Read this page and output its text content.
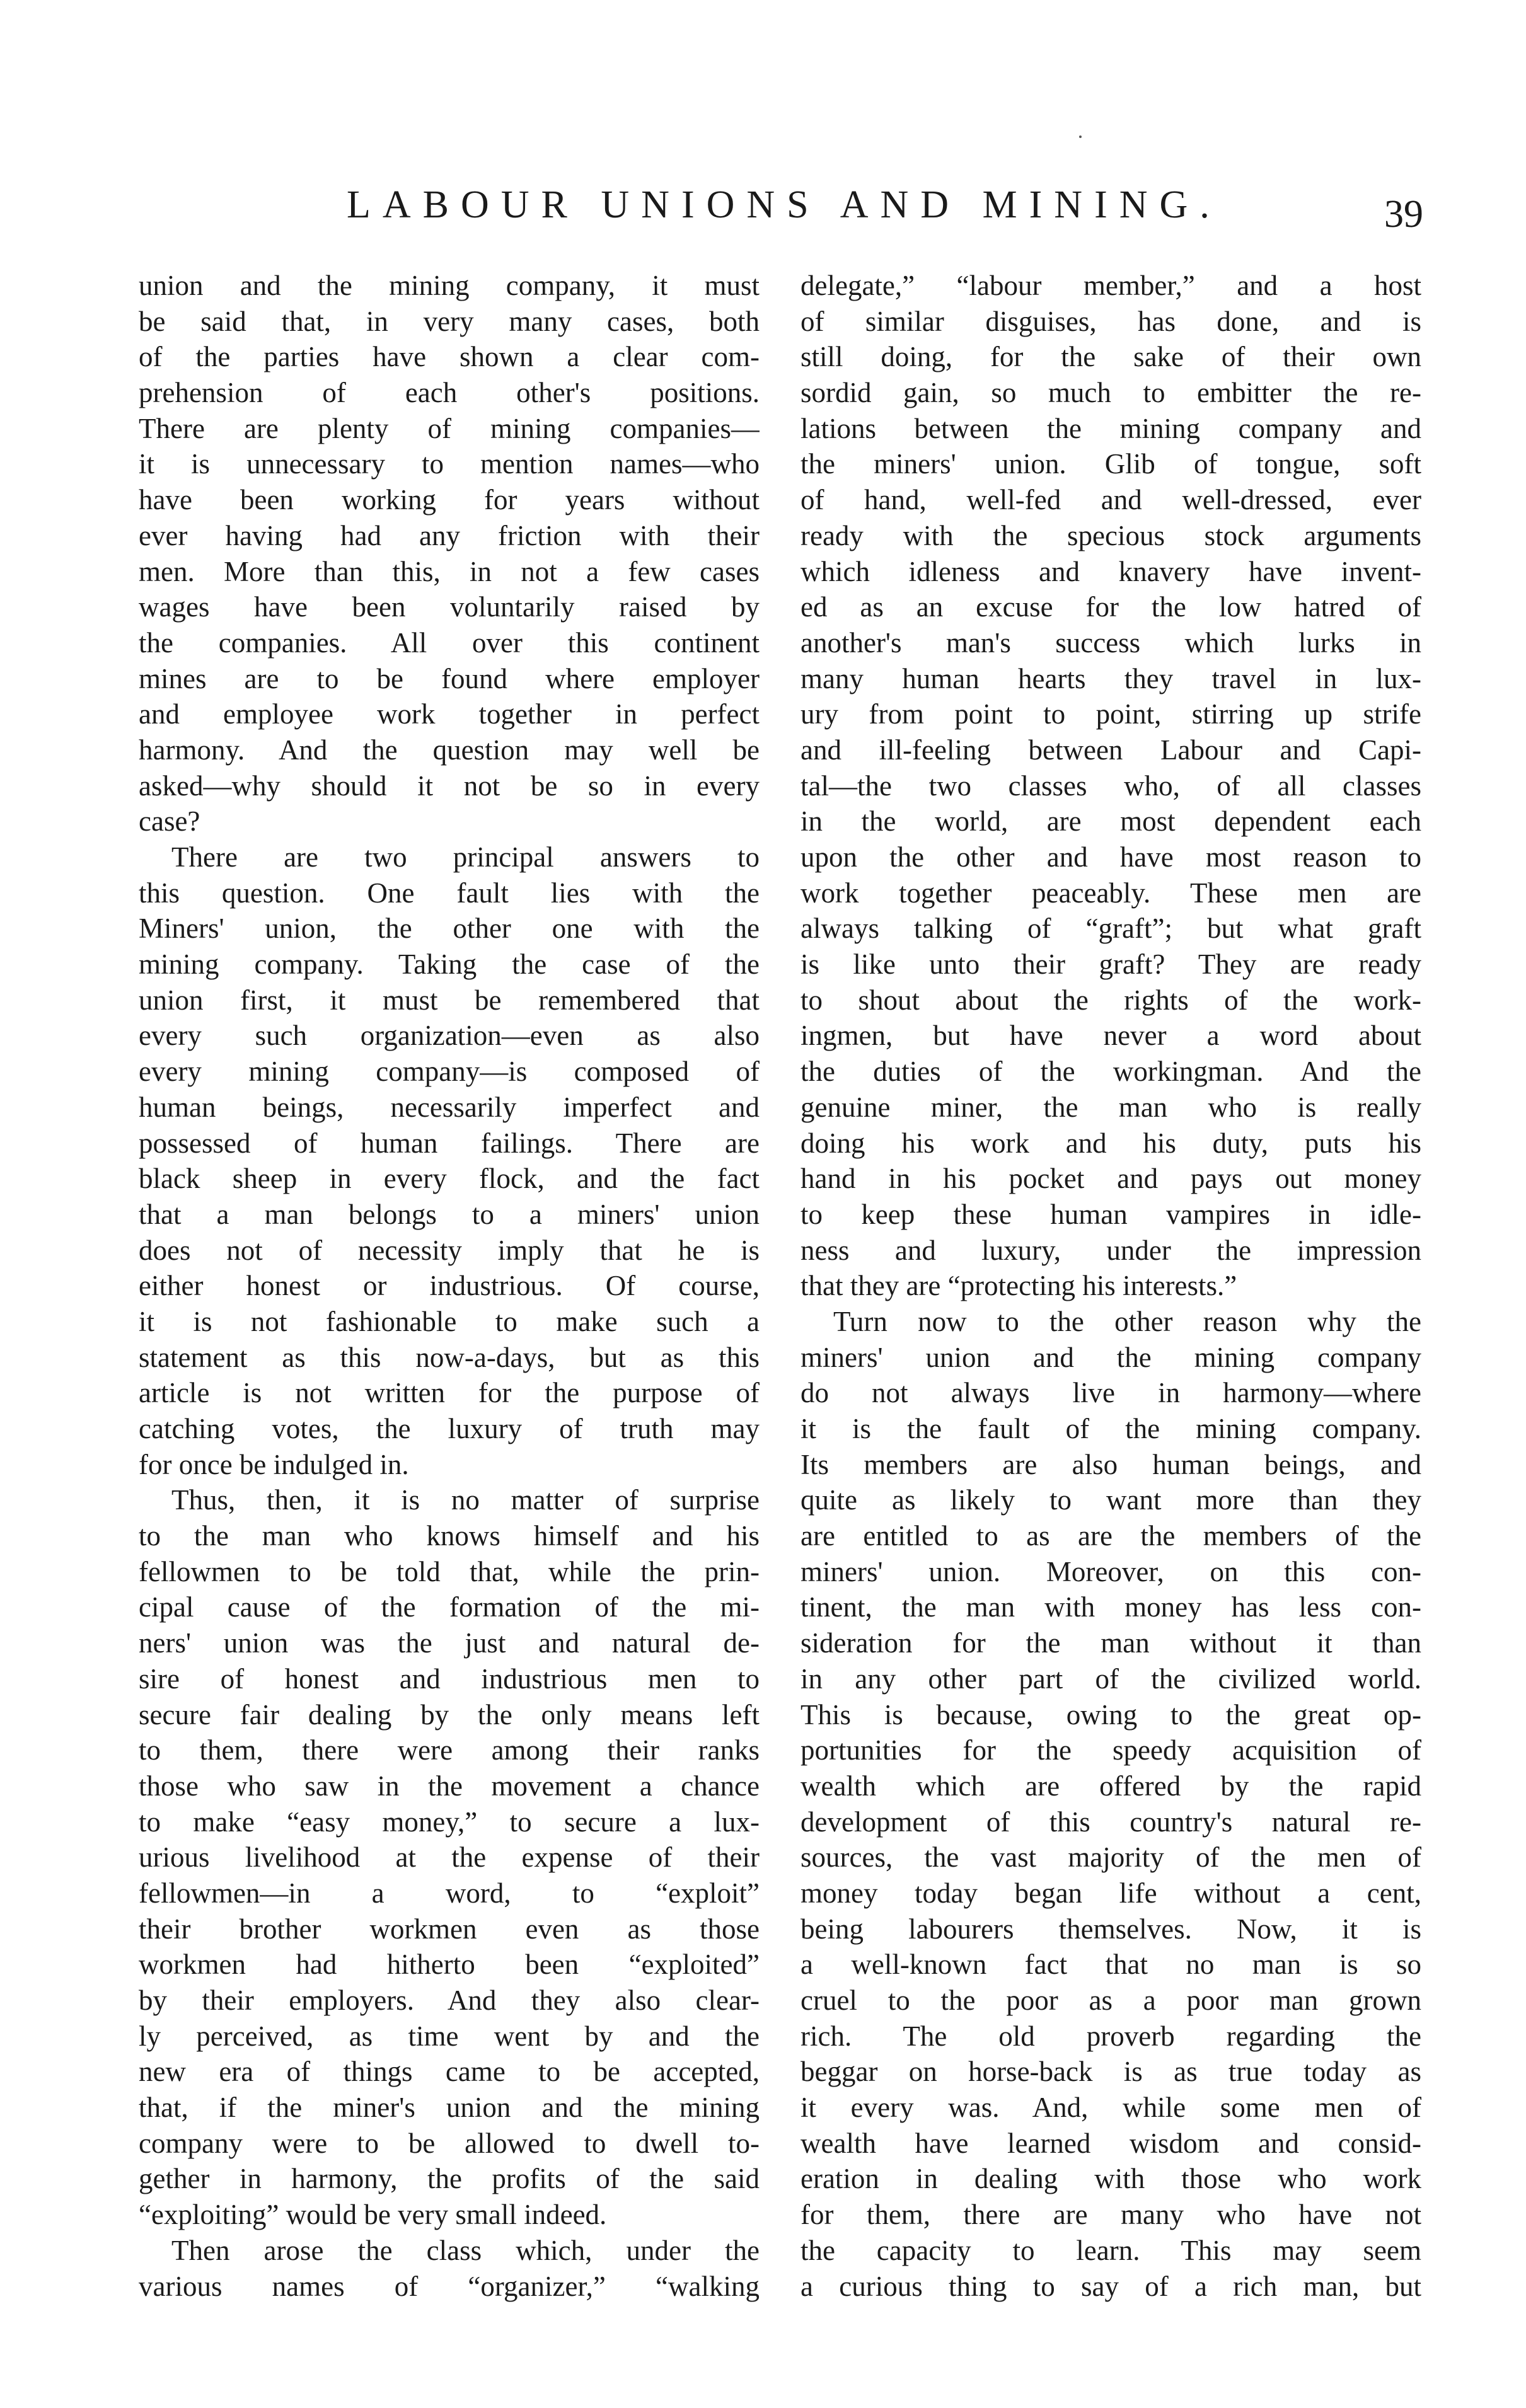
LABOUR UNIONS AND MINING.	39
union and the mining company, it must
be said that, in very many cases, both
of the parties have shown a clear com-
prehension of each other's positions.
There are plenty of mining companies—
it is unnecessary to mention names—who
have been working for years without
ever having had any friction with their
men. More than this, in not a few cases
wages have been voluntarily raised by
the companies. All over this continent
mines are to be found where employer
and employee work together in perfect
harmony. And the question may well be
asked—why should it not be so in every
case?
There are two principal answers to
this question. One fault lies with the
Miners' union, the other one with the
mining company. Taking the case of the
union first, it must be remembered that
every such organization—even as also
every mining company—is composed of
human beings, necessarily imperfect and
possessed of human failings. There are
black sheep in every flock, and the fact
that a man belongs to a miners' union
does not of necessity imply that he is
either honest or industrious. Of course,
it is not fashionable to make such a
statement as this now-a-days, but as this
article is not written for the purpose of
catching votes, the luxury of truth may
for once be indulged in.
Thus, then, it is no matter of surprise
to the man who knows himself and his
fellowmen to be told that, while the prin-
cipal cause of the formation of the mi-
ners' union was the just and natural de-
sire of honest and industrious men to
secure fair dealing by the only means left
to them, there were among their ranks
those who saw in the movement a chance
to make “easy money,” to secure a lux-
urious livelihood at the expense of their
fellowmen—in a word, to “exploit”
their brother workmen even as those
workmen had hitherto been “exploited”
by their employers. And they also clear-
ly perceived, as time went by and the
new era of things came to be accepted,
that, if the miner's union and the mining
company were to be allowed to dwell to-
gether in harmony, the profits of the said
“exploiting” would be very small indeed.
Then arose the class which, under the
various names of “organizer,” “walking
delegate,” “labour member,” and a host
of similar disguises, has done, and is
still doing, for the sake of their own
sordid gain, so much to embitter the re-
lations between the mining company and
the miners' union. Glib of tongue, soft
of hand, well-fed and well-dressed, ever
ready with the specious stock arguments
which idleness and knavery have invent-
ed as an excuse for the low hatred of
another's man's success which lurks in
many human hearts they travel in lux-
ury from point to point, stirring up strife
and ill-feeling between Labour and Capi-
tal—the two classes who, of all classes
in the world, are most dependent each
upon the other and have most reason to
work together peaceably. These men are
always talking of “graft”; but what graft
is like unto their graft? They are ready
to shout about the rights of the work-
ingmen, but have never a word about
the duties of the workingman. And the
genuine miner, the man who is really
doing his work and his duty, puts his
hand in his pocket and pays out money
to keep these human vampires in idle-
ness and luxury, under the impression
that they are “protecting his interests.”
Turn now to the other reason why the
miners' union and the mining company
do not always live in harmony—where
it is the fault of the mining company.
Its members are also human beings, and
quite as likely to want more than they
are entitled to as are the members of the
miners' union. Moreover, on this con-
tinent, the man with money has less con-
sideration for the man without it than
in any other part of the civilized world.
This is because, owing to the great op-
portunities for the speedy acquisition of
wealth which are offered by the rapid
development of this country's natural re-
sources, the vast majority of the men of
money today began life without a cent,
being labourers themselves. Now, it is
a well-known fact that no man is so
cruel to the poor as a poor man grown
rich. The old proverb regarding the
beggar on horse-back is as true today as
it every was. And, while some men of
wealth have learned wisdom and consid-
eration in dealing with those who work
for them, there are many who have not
the capacity to learn. This may seem
a curious thing to say of a rich man, but
